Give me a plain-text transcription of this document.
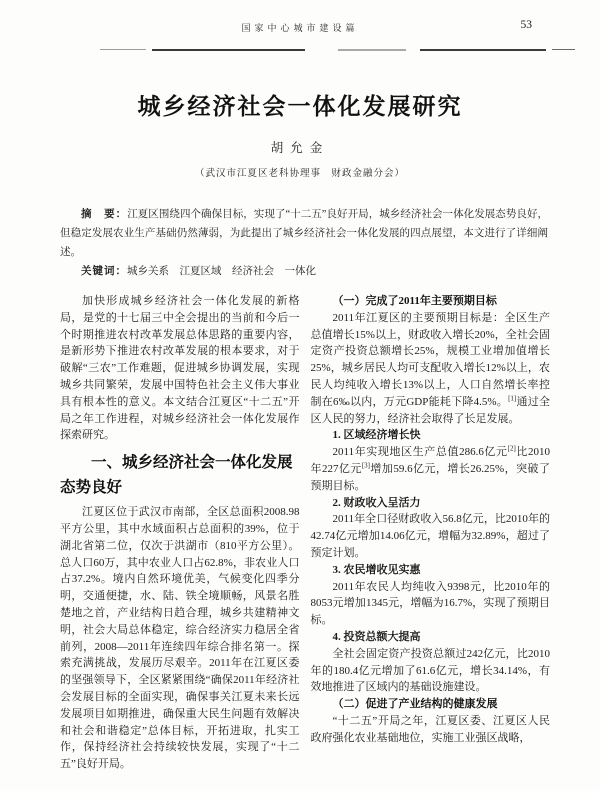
国家中心城市建设篇	53
城乡经济社会一体化发展研究
胡允金
（武汉市江夏区老科协理事　财政金融分会）

摘　要：江夏区围绕四个确保目标，实现了“十二五”良好开局，城乡经济社会一体化发展态势良好，但稳定发展农业生产基础仍然薄弱，为此提出了城乡经济社会一体化发展的四点展望，本文进行了详细阐述。

关键词：城乡关系　江夏区域　经济社会　一体化

加快形成城乡经济社会一体化发展的新格局，是党的十七届三中全会提出的当前和今后一个时期推进农村改革发展总体思路的重要内容，是新形势下推进农村改革发展的根本要求，对于破解“三农”工作难题，促进城乡协调发展，实现城乡共同繁荣，发展中国特色社会主义伟大事业具有根本性的意义。本文结合江夏区“十二五”开局之年工作进程，对城乡经济社会一体化发展作探索研究。

一、城乡经济社会一体化发展态势良好

江夏区位于武汉市南部，全区总面积2008.98平方公里，其中水域面积占总面积的39%，位于湖北省第二位，仅次于洪湖市（810平方公里）。总人口60万，其中农业人口占62.8%，非农业人口占37.2%。境内自然环境优美，气候变化四季分明，交通便捷，水、陆、铁全境顺畅，风景名胜楚地之首，产业结构日趋合理，城乡共建精神文明，社会大局总体稳定，综合经济实力稳居全省前列，2008—2011年连续四年综合排名第一。探索充满挑战，发展历尽艰辛。2011年在江夏区委的坚强领导下，全区紧紧围绕“确保2011年经济社会发展目标的全面实现，确保事关江夏未来长远发展项目如期推进，确保重大民生问题有效解决和社会和谐稳定”总体目标，开拓进取，扎实工作，保持经济社会持续较快发展，实现了“十二五”良好开局。

（一）完成了2011年主要预期目标

2011年江夏区的主要预期目标是：全区生产总值增长15%以上，财政收入增长20%，全社会固定资产投资总额增长25%，规模工业增加值增长25%，城乡居民人均可支配收入增长12%以上，农民人均纯收入增长13%以上，人口自然增长率控制在6‰以内，万元GDP能耗下降4.5%。[1]通过全区人民的努力，经济社会取得了长足发展。

1. 区域经济增长快

2011年实现地区生产总值286.6亿元[2]比2010年227亿元[3]增加59.6亿元，增长26.25%，突破了预期目标。

2. 财政收入呈活力

2011年全口径财政收入56.8亿元，比2010年的42.74亿元增加14.06亿元，增幅为32.89%，超过了预定计划。

3. 农民增收见实惠

2011年农民人均纯收入9398元，比2010年的8053元增加1345元，增幅为16.7%，实现了预期目标。

4. 投资总额大提高

全社会固定资产投资总额过242亿元，比2010年的180.4亿元增加了61.6亿元，增长34.14%，有效地推进了区域内的基础设施建设。

（二）促进了产业结构的健康发展

“十二五”开局之年，江夏区委、江夏区人民政府强化农业基础地位，实施工业强区战略，
